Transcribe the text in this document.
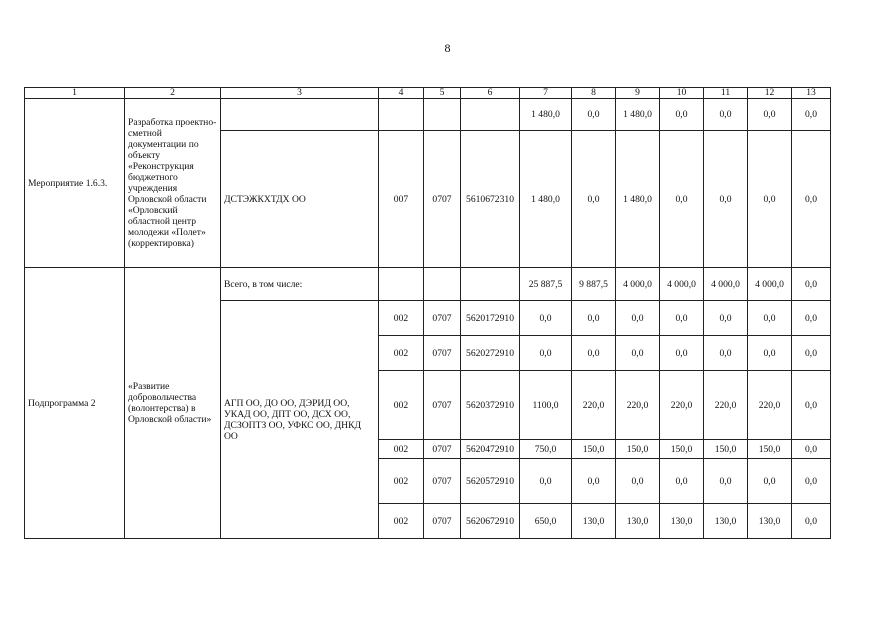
8
1	2	3	4	5	6	7	8	9	10	11	12	13
Мероприятие 1.6.3.	Разработка проектно-сметной документации по объекту «Реконструкция бюджетного учреждения Орловской области «Орловский областной центр молодежи «Полет» (корректировка)					1 480,0	0,0	1 480,0	0,0	0,0	0,0	0,0
		ДСТЭЖКХТДХ ОО	007	0707	5610672310	1 480,0	0,0	1 480,0	0,0	0,0	0,0	0,0
Подпрограмма 2	«Развитие добровольчества (волонтерства) в Орловской области»	Всего, в том числе:				25 887,5	9 887,5	4 000,0	4 000,0	4 000,0	4 000,0	0,0
		АГП ОО, ДО ОО, ДЭРИД ОО, УКАД ОО, ДПТ ОО, ДСХ ОО, ДСЗОПТЗ ОО, УФКС ОО, ДНКД ОО	002	0707	5620172910	0,0	0,0	0,0	0,0	0,0	0,0	0,0
			002	0707	5620272910	0,0	0,0	0,0	0,0	0,0	0,0	0,0
			002	0707	5620372910	1100,0	220,0	220,0	220,0	220,0	220,0	0,0
			002	0707	5620472910	750,0	150,0	150,0	150,0	150,0	150,0	0,0
			002	0707	5620572910	0,0	0,0	0,0	0,0	0,0	0,0	0,0
			002	0707	5620672910	650,0	130,0	130,0	130,0	130,0	130,0	0,0
